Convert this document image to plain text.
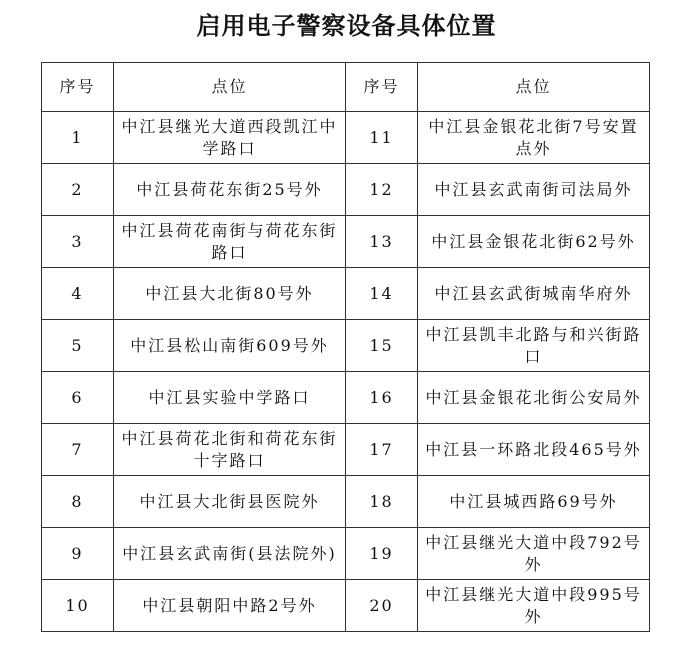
启用电子警察设备具体位置
序号	点位	序号	点位
1	中江县继光大道西段凯江中学路口	11	中江县金银花北街7号安置点外
2	中江县荷花东街25号外	12	中江县玄武南街司法局外
3	中江县荷花南街与荷花东街路口	13	中江县金银花北街62号外
4	中江县大北街80号外	14	中江县玄武街城南华府外
5	中江县松山南街609号外	15	中江县凯丰北路与和兴街路口
6	中江县实验中学路口	16	中江县金银花北街公安局外
7	中江县荷花北街和荷花东街十字路口	17	中江县一环路北段465号外
8	中江县大北街县医院外	18	中江县城西路69号外
9	中江县玄武南街(县法院外)	19	中江县继光大道中段792号外
10	中江县朝阳中路2号外	20	中江县继光大道中段995号外
